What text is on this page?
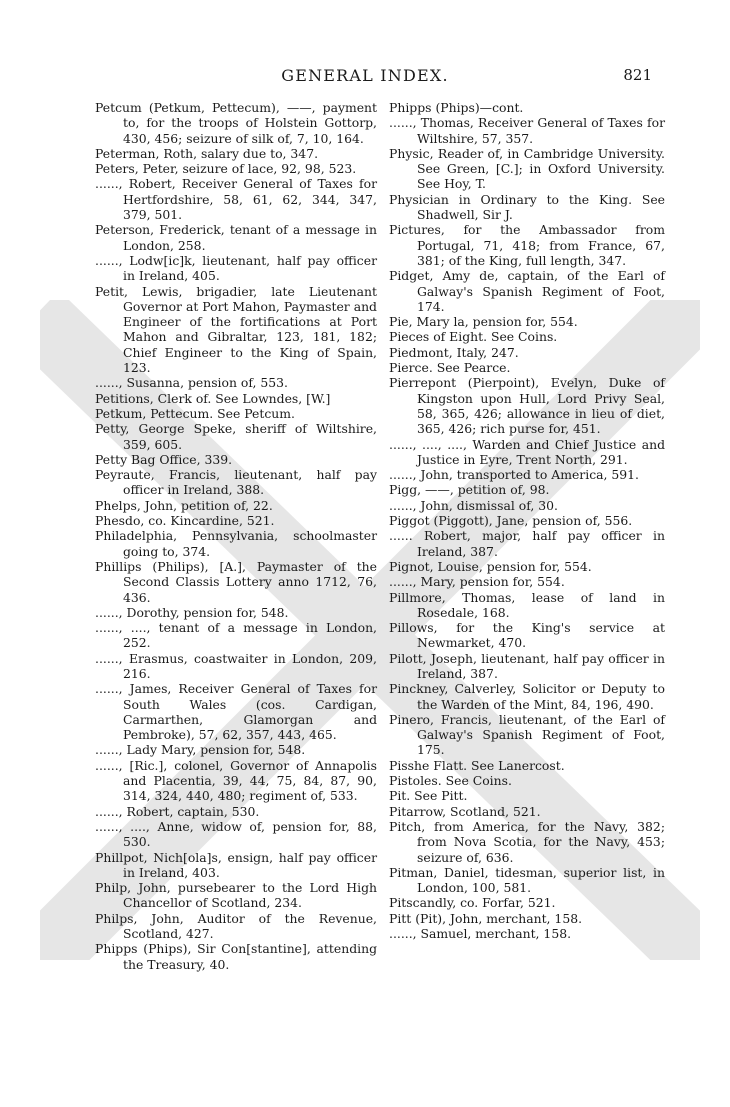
GENERAL INDEX.	821

Petcum (Petkum, Pettecum), ——, payment to, for the troops of Holstein Gottorp, 430, 456; seizure of silk of, 7, 10, 164.

Peterman, Roth, salary due to, 347.

Peters, Peter, seizure of lace, 92, 98, 523.

......, Robert, Receiver General of Taxes for Hertfordshire, 58, 61, 62, 344, 347, 379, 501.

Peterson, Frederick, tenant of a message in London, 258.

......, Lodw[ic]k, lieutenant, half pay officer in Ireland, 405.

Petit, Lewis, brigadier, late Lieutenant Governor at Port Mahon, Paymaster and Engineer of the fortifications at Port Mahon and Gibraltar, 123, 181, 182; Chief Engineer to the King of Spain, 123.

......, Susanna, pension of, 553.

Petitions, Clerk of. See Lowndes, [W.]

Petkum, Pettecum. See Petcum.

Petty, George Speke, sheriff of Wiltshire, 359, 605.

Petty Bag Office, 339.

Peyraute, Francis, lieutenant, half pay officer in Ireland, 388.

Phelps, John, petition of, 22.

Phesdo, co. Kincardine, 521.

Philadelphia, Pennsylvania, schoolmaster going to, 374.

Phillips (Philips), [A.], Paymaster of the Second Classis Lottery anno 1712, 76, 436.

......, Dorothy, pension for, 548.

......, ...., tenant of a message in London, 252.

......, Erasmus, coastwaiter in London, 209, 216.

......, James, Receiver General of Taxes for South Wales (cos. Cardigan, Carmarthen, Glamorgan and Pembroke), 57, 62, 357, 443, 465.

......, Lady Mary, pension for, 548.

......, [Ric.], colonel, Governor of Annapolis and Placentia, 39, 44, 75, 84, 87, 90, 314, 324, 440, 480; regiment of, 533.

......, Robert, captain, 530.

......, ...., Anne, widow of, pension for, 88, 530.

Phillpot, Nich[ola]s, ensign, half pay officer in Ireland, 403.

Philp, John, pursebearer to the Lord High Chancellor of Scotland, 234.

Philps, John, Auditor of the Revenue, Scotland, 427.

Phipps (Phips), Sir Con[stantine], attending the Treasury, 40.

Phipps (Phips)—cont.

......, Thomas, Receiver General of Taxes for Wiltshire, 57, 357.

Physic, Reader of, in Cambridge University. See Green, [C.]; in Oxford University. See Hoy, T.

Physician in Ordinary to the King. See Shadwell, Sir J.

Pictures, for the Ambassador from Portugal, 71, 418; from France, 67, 381; of the King, full length, 347.

Pidget, Amy de, captain, of the Earl of Galway's Spanish Regiment of Foot, 174.

Pie, Mary la, pension for, 554.

Pieces of Eight. See Coins.

Piedmont, Italy, 247.

Pierce. See Pearce.

Pierrepont (Pierpoint), Evelyn, Duke of Kingston upon Hull, Lord Privy Seal, 58, 365, 426; allowance in lieu of diet, 365, 426; rich purse for, 451.

......, ...., ...., Warden and Chief Justice and Justice in Eyre, Trent North, 291.

......, John, transported to America, 591.

Pigg, ——, petition of, 98.

......, John, dismissal of, 30.

Piggot (Piggott), Jane, pension of, 556.

...... Robert, major, half pay officer in Ireland, 387.

Pignot, Louise, pension for, 554.

......, Mary, pension for, 554.

Pillmore, Thomas, lease of land in Rosedale, 168.

Pillows, for the King's service at Newmarket, 470.

Pilott, Joseph, lieutenant, half pay officer in Ireland, 387.

Pinckney, Calverley, Solicitor or Deputy to the Warden of the Mint, 84, 196, 490.

Pinero, Francis, lieutenant, of the Earl of Galway's Spanish Regiment of Foot, 175.

Pisshe Flatt. See Lanercost.

Pistoles. See Coins.

Pit. See Pitt.

Pitarrow, Scotland, 521.

Pitch, from America, for the Navy, 382; from Nova Scotia, for the Navy, 453; seizure of, 636.

Pitman, Daniel, tidesman, superior list, in London, 100, 581.

Pitscandly, co. Forfar, 521.

Pitt (Pit), John, merchant, 158.

......, Samuel, merchant, 158.
